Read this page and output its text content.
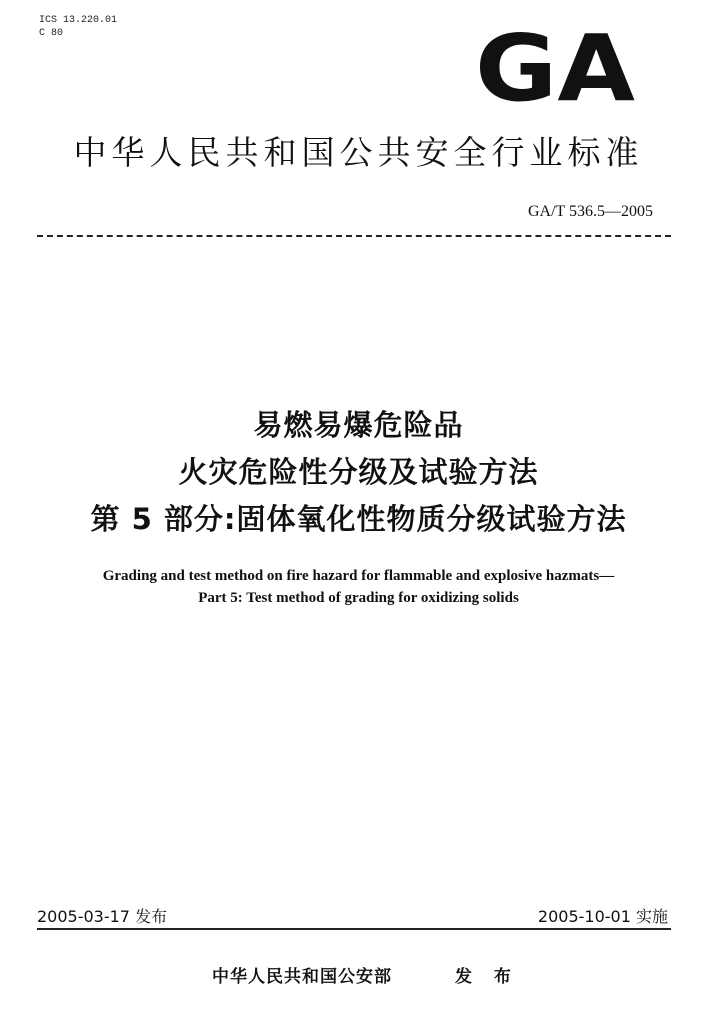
ICS 13.220.01
C 80	GA
中华人民共和国公共安全行业标准
GA/T 536.5—2005
易燃易爆危险品
火灾危险性分级及试验方法
第 5 部分:固体氧化性物质分级试验方法
Grading and test method on fire hazard for flammable and explosive hazmats—
Part 5: Test method of grading for oxidizing solids
2005-03-17 发布	2005-10-01 实施
中华人民共和国公安部	发 布
